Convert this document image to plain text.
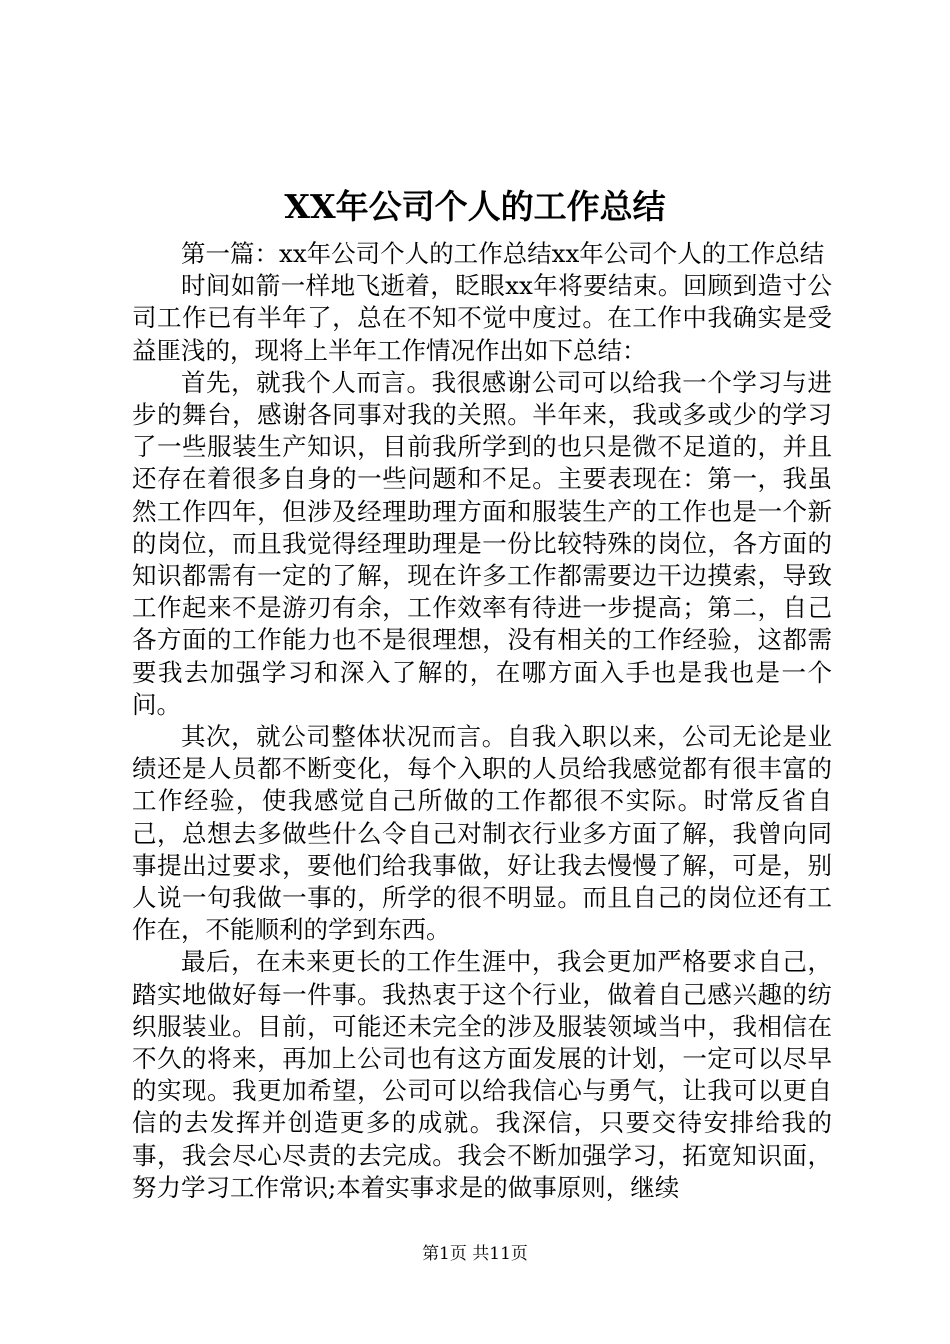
XX年公司个人的工作总结

第一篇：xx年公司个人的工作总结xx年公司个人的工作总结

时间如箭一样地飞逝着，眨眼xx年将要结束。回顾到造寸公司工作已有半年了，总在不知不觉中度过。在工作中我确实是受益匪浅的，现将上半年工作情况作出如下总结：

首先，就我个人而言。我很感谢公司可以给我一个学习与进步的舞台，感谢各同事对我的关照。半年来，我或多或少的学习了一些服装生产知识，目前我所学到的也只是微不足道的，并且还存在着很多自身的一些问题和不足。主要表现在：第一，我虽然工作四年，但涉及经理助理方面和服装生产的工作也是一个新的岗位，而且我觉得经理助理是一份比较特殊的岗位，各方面的知识都需有一定的了解，现在许多工作都需要边干边摸索，导致工作起来不是游刃有余，工作效率有待进一步提高；第二，自己各方面的工作能力也不是很理想，没有相关的工作经验，这都需要我去加强学习和深入了解的，在哪方面入手也是我也是一个问。

其次，就公司整体状况而言。自我入职以来，公司无论是业绩还是人员都不断变化，每个入职的人员给我感觉都有很丰富的工作经验，使我感觉自己所做的工作都很不实际。时常反省自己，总想去多做些什么令自己对制衣行业多方面了解，我曾向同事提出过要求，要他们给我事做，好让我去慢慢了解，可是，别人说一句我做一事的，所学的很不明显。而且自己的岗位还有工作在，不能顺利的学到东西。

最后，在未来更长的工作生涯中，我会更加严格要求自己，踏实地做好每一件事。我热衷于这个行业，做着自己感兴趣的纺织服装业。目前，可能还未完全的涉及服装领域当中，我相信在不久的将来，再加上公司也有这方面发展的计划，一定可以尽早的实现。我更加希望，公司可以给我信心与勇气，让我可以更自信的去发挥并创造更多的成就。我深信，只要交待安排给我的事，我会尽心尽责的去完成。我会不断加强学习，拓宽知识面，努力学习工作常识;本着实事求是的做事原则，继续

第1页 共11页
